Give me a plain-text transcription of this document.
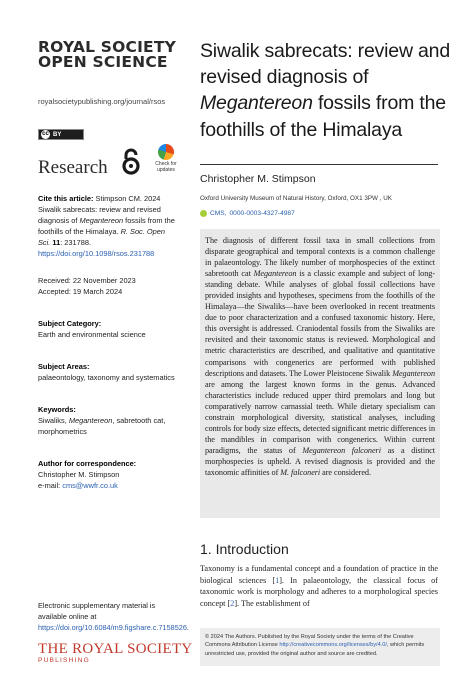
ROYAL SOCIETY OPEN SCIENCE
royalsocietypublishing.org/journal/rsos
cc BY
Research	Check for updates
Cite this article: Stimpson CM. 2024 Siwalik sabrecats: review and revised diagnosis of Megantereon fossils from the foothills of the Himalaya. R. Soc. Open Sci. 11: 231788. https://doi.org/10.1098/rsos.231788
Received: 22 November 2023
Accepted: 19 March 2024
Subject Category:
Earth and environmental science
Subject Areas:
palaeontology, taxonomy and systematics
Keywords:
Siwaliks, Megantereon, sabretooth cat, morphometrics
Author for correspondence:
Christopher M. Stimpson
e-mail: cms@wwfr.co.uk
Electronic supplementary material is available online at https://doi.org/10.6084/m9.figshare.c.7158526.
THE ROYAL SOCIETY
PUBLISHING
Siwalik sabrecats: review and revised diagnosis of Megantereon fossils from the foothills of the Himalaya
Christopher M. Stimpson
Oxford University Museum of Natural History, Oxford, OX1 3PW , UK
CMS, 0000-0003-4327-4987
The diagnosis of different fossil taxa in small collections from disparate geographical and temporal contexts is a common challenge in palaeontology. The likely number of morphospecies of the extinct sabretooth cat Megantereon is a classic example and subject of long-standing debate. While analyses of global fossil collections have provided insights and hypotheses, specimens from the foothills of the Himalaya—the Siwaliks—have been overlooked in recent treatments due to poor characterization and a confused taxonomic history. Here, this oversight is addressed. Craniodental fossils from the Siwaliks are revisited and their taxonomic status is reviewed. Morphological and metric characteristics are described, and qualitative and quantitative comparisons with congenerics are performed with published descriptions and datasets. The Lower Pleistocene Siwalik Megantereon are among the largest known forms in the genus. Advanced characteristics include reduced upper third premolars and long but comparatively narrow carnassial teeth. While dietary specialism can constrain morphological diversity, statistical analyses, including controls for body size effects, detected significant metric differences in the mandibles in comparison with congenerics. Within current paradigms, the status of Megantereon falconeri as a distinct morphospecies is upheld. A revised diagnosis is provided and the taxonomic affinities of M. falconeri are considered.
1. Introduction
Taxonomy is a fundamental concept and a foundation of practice in the biological sciences [1]. In palaeontology, the classical focus of taxonomic work is morphology and adheres to a morphological species concept [2]. The establishment of
© 2024 The Authors. Published by the Royal Society under the terms of the Creative Commons Attribution License http://creativecommons.org/licenses/by/4.0/, which permits unrestricted use, provided the original author and source are credited.
